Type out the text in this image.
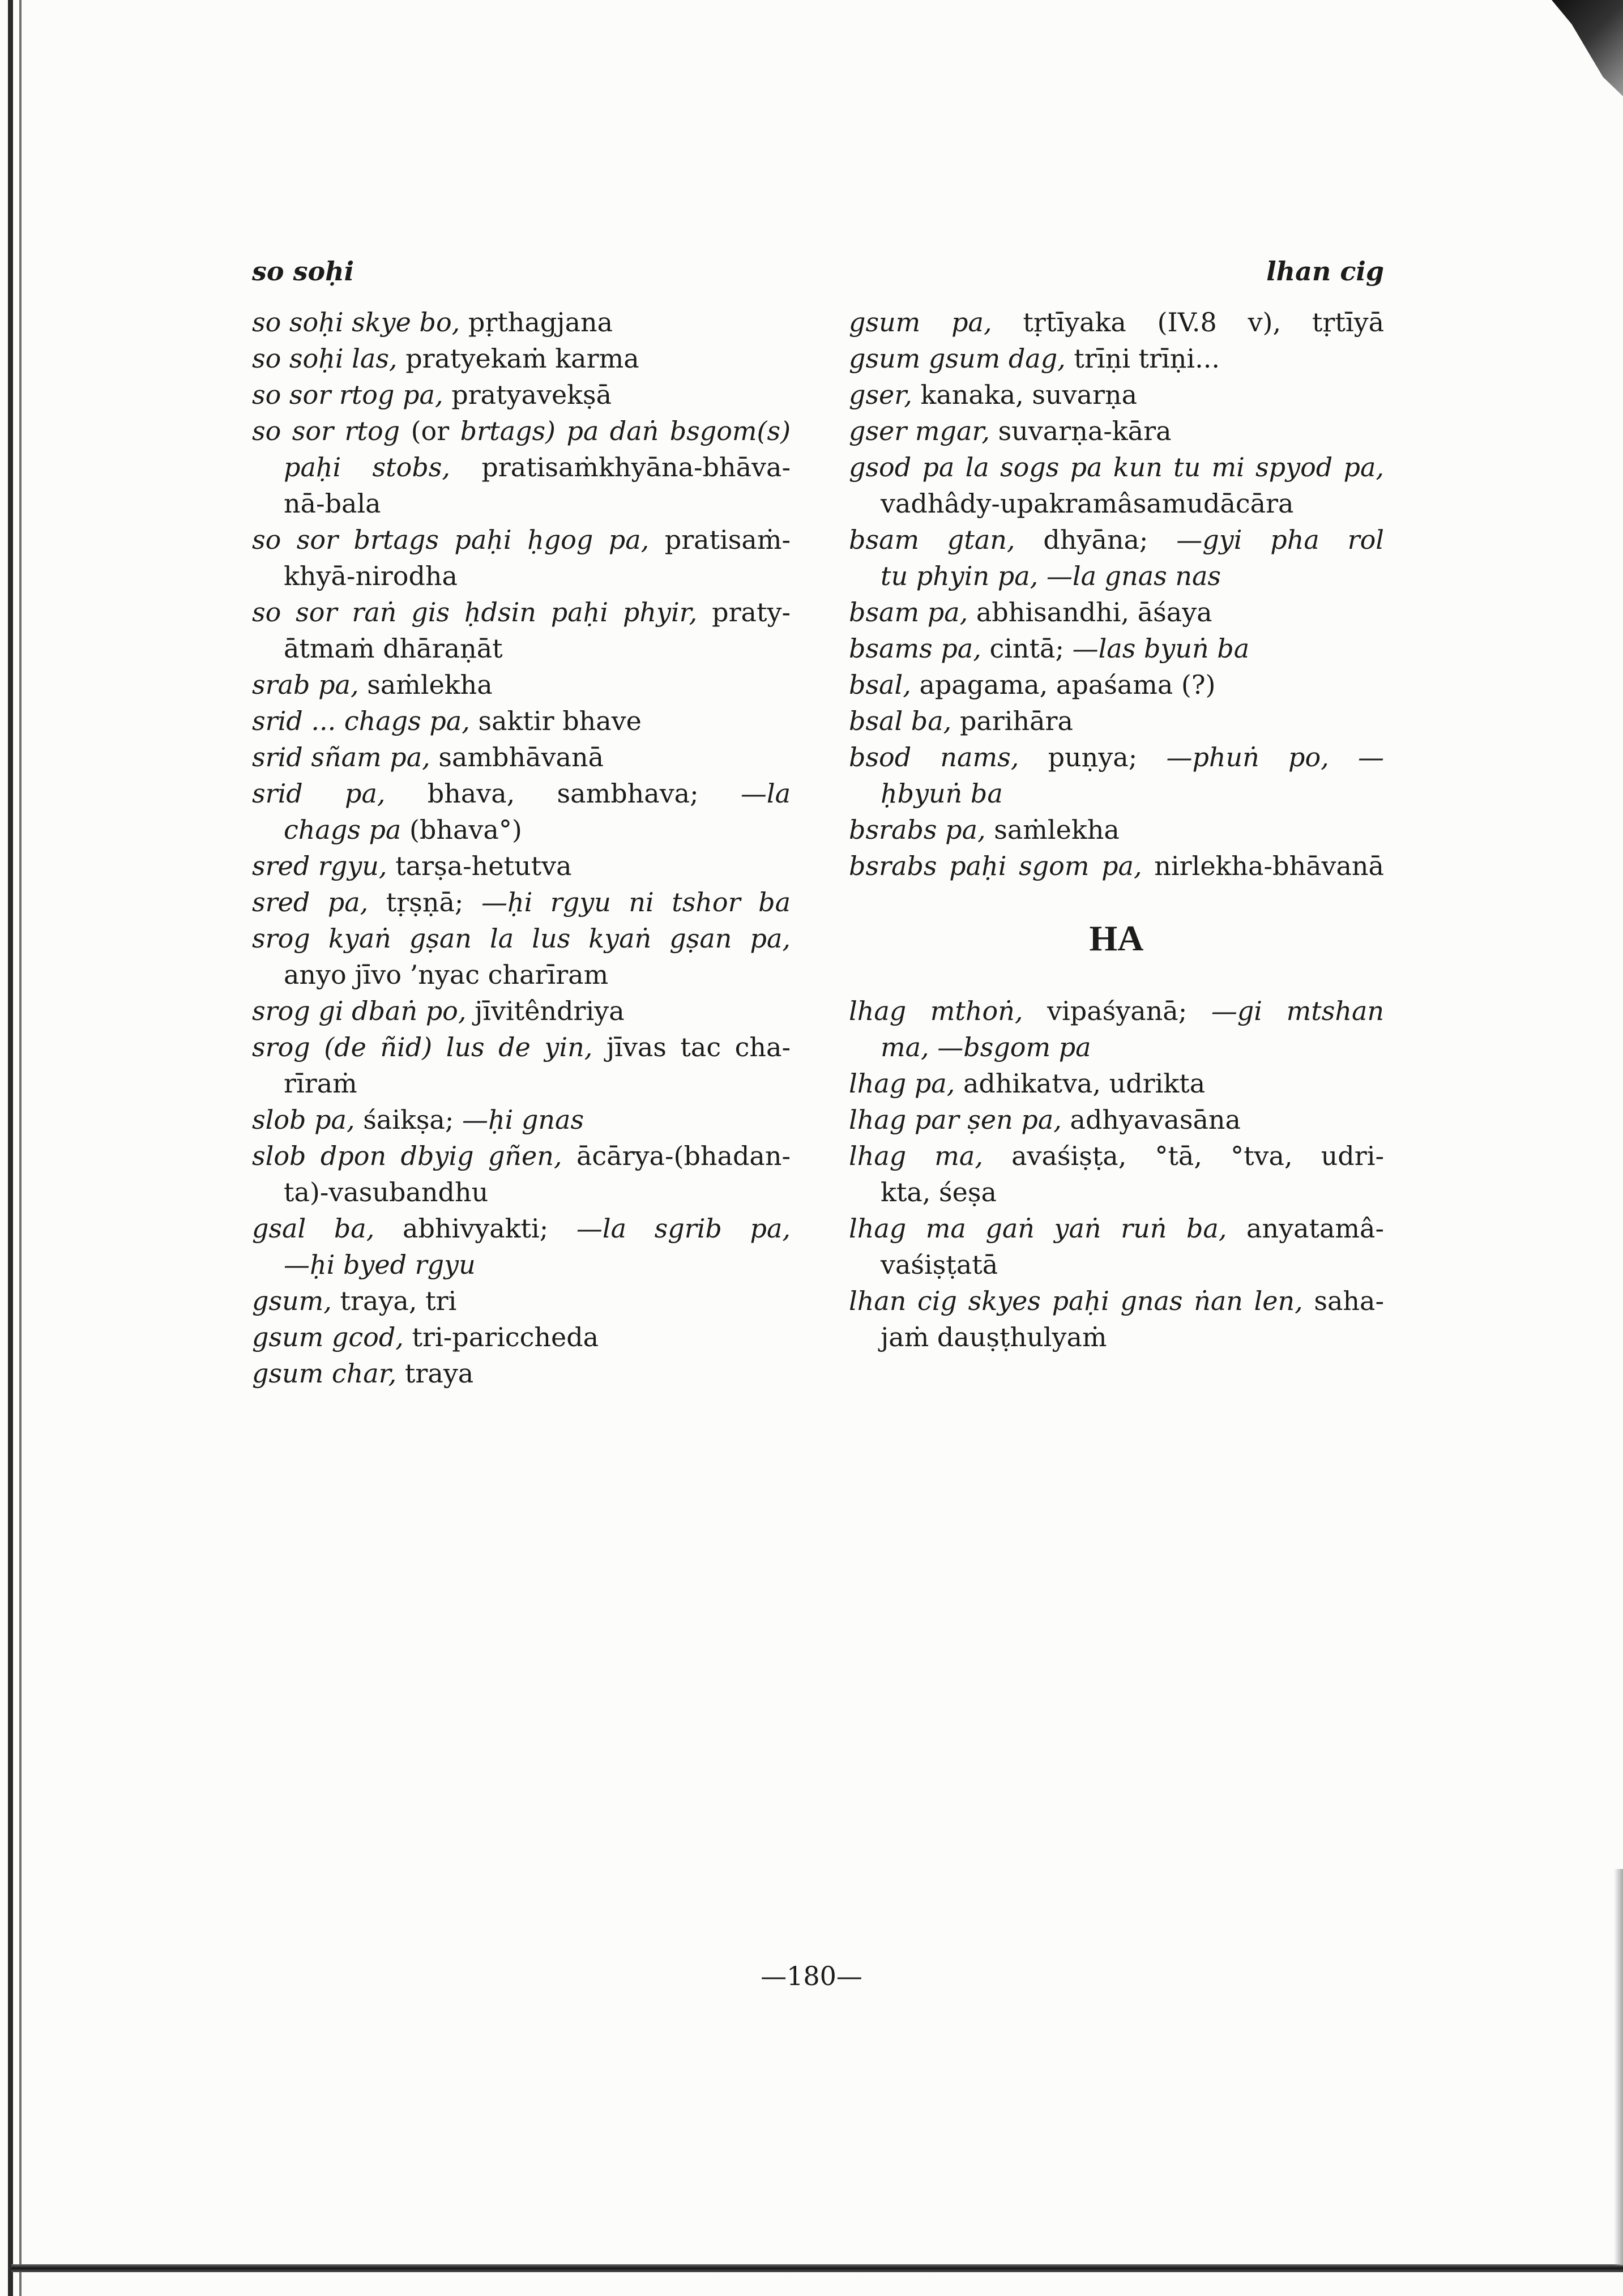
so soḥi	lhan cig
so soḥi skye bo, pṛthagjana
so soḥi las, pratyekaṁ karma
so sor rtog pa, pratyavekṣā
so sor rtog (or brtags) pa daṅ bsgom(s)
paḥi stobs, pratisaṁkhyāna-bhāva-
nā-bala
so sor brtags paḥi ḥgog pa, pratisaṁ-
khyā-nirodha
so sor raṅ gis ḥdsin paḥi phyir, praty-
ātmaṁ dhāraṇāt
srab pa, saṁlekha
srid ... chags pa, saktir bhave
srid sñam pa, sambhāvanā
srid pa, bhava, sambhava; —la
chags pa (bhava°)
sred rgyu, tarṣa-hetutva
sred pa, tṛṣṇā; —ḥi rgyu ni tshor ba
srog kyaṅ gṣan la lus kyaṅ gṣan pa,
anyo jīvo ’nyac charīram
srog gi dbaṅ po, jīvitêndriya
srog (de ñid) lus de yin, jīvas tac cha-
rīraṁ
slob pa, śaikṣa; —ḥi gnas
slob dpon dbyig gñen, ācārya-(bhadan-
ta)-vasubandhu
gsal ba, abhivyakti; —la sgrib pa,
—ḥi byed rgyu
gsum, traya, tri
gsum gcod, tri-pariccheda
gsum char, traya
gsum pa, tṛtīyaka (IV.8 v), tṛtīyā
gsum gsum dag, trīṇi trīṇi...
gser, kanaka, suvarṇa
gser mgar, suvarṇa-kāra
gsod pa la sogs pa kun tu mi spyod pa,
vadhâdy-upakramâsamudācāra
bsam gtan, dhyāna; —gyi pha rol
tu phyin pa, —la gnas nas
bsam pa, abhisandhi, āśaya
bsams pa, cintā; —las byuṅ ba
bsal, apagama, apaśama (?)
bsal ba, parihāra
bsod nams, puṇya; —phuṅ po, —
ḥbyuṅ ba
bsrabs pa, saṁlekha
bsrabs paḥi sgom pa, nirlekha-bhāvanā
HA
lhag mthoṅ, vipaśyanā; —gi mtshan
ma, —bsgom pa
lhag pa, adhikatva, udrikta
lhag par ṣen pa, adhyavasāna
lhag ma, avaśiṣṭa, °tā, °tva, udri-
kta, śeṣa
lhag ma gaṅ yaṅ ruṅ ba, anyatamâ-
vaśiṣṭatā
lhan cig skyes paḥi gnas ṅan len, saha-
jaṁ dauṣṭhulyaṁ
—180—
